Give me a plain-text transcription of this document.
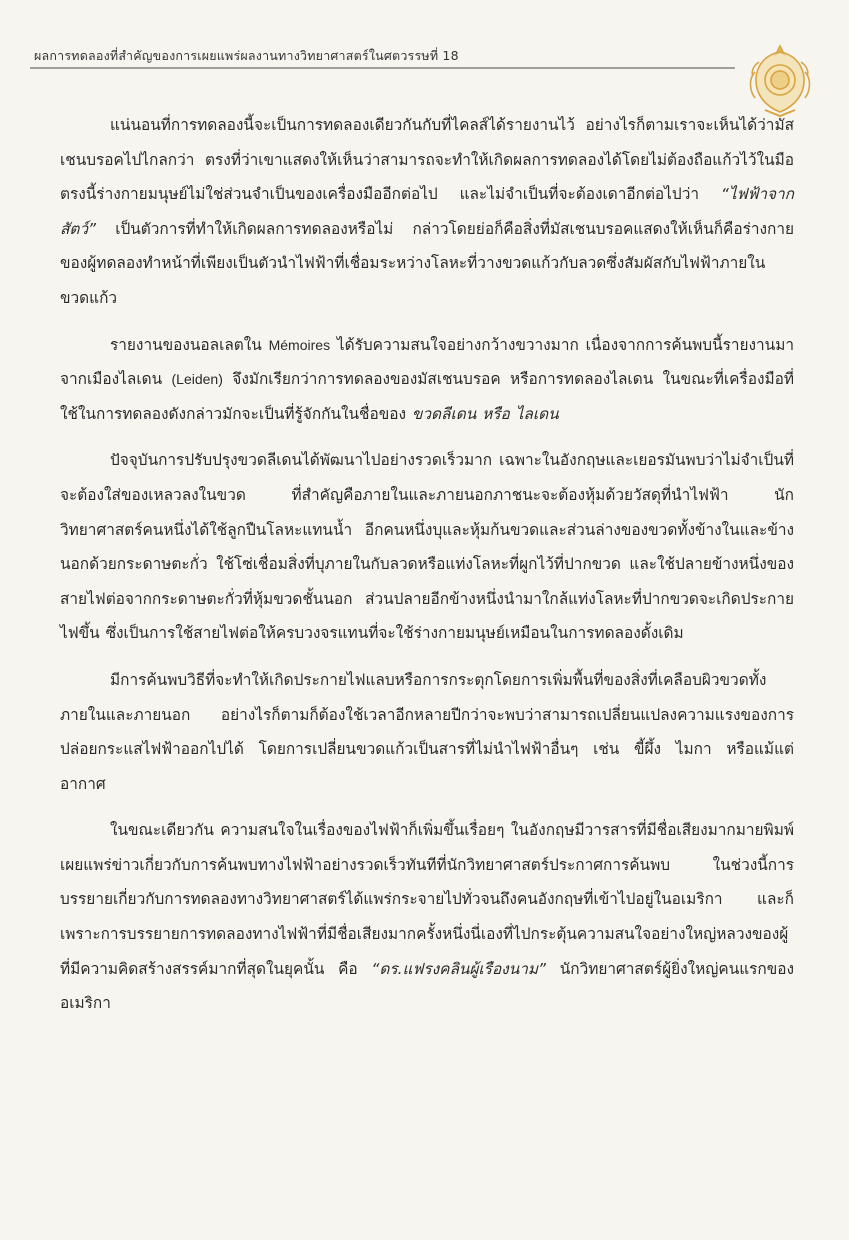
ผลการทดลองที่สำคัญของการเผยแพร่ผลงานทางวิทยาศาสตร์ในศตวรรษที่ 18

แน่นอนที่การทดลองนี้จะเป็นการทดลองเดียวกันกับที่ไคลส์ได้รายงานไว้ อย่างไรก็ตามเราจะเห็นได้ว่ามัสเชนบรอคไปไกลกว่า ตรงที่ว่าเขาแสดงให้เห็นว่าสามารถจะทำให้เกิดผลการทดลองได้โดยไม่ต้องถือแก้วไว้ในมือ ตรงนี้ร่างกายมนุษย์ไม่ใช่ส่วนจำเป็นของเครื่องมืออีกต่อไป และไม่จำเป็นที่จะต้องเดาอีกต่อไปว่า “ไฟฟ้าจากสัตว์” เป็นตัวการที่ทำให้เกิดผลการทดลองหรือไม่ กล่าวโดยย่อก็คือสิ่งที่มัสเชนบรอคแสดงให้เห็นก็คือร่างกายของผู้ทดลองทำหน้าที่เพียงเป็นตัวนำไฟฟ้าที่เชื่อมระหว่างโลหะที่วางขวดแก้วกับลวดซึ่งสัมผัสกับไฟฟ้าภายในขวดแก้ว

รายงานของนอลเลตใน Mémoires ได้รับความสนใจอย่างกว้างขวางมาก เนื่องจากการค้นพบนี้รายงานมาจากเมืองไลเดน (Leiden) จึงมักเรียกว่าการทดลองของมัสเชนบรอค หรือการทดลองไลเดน ในขณะที่เครื่องมือที่ใช้ในการทดลองดังกล่าวมักจะเป็นที่รู้จักกันในชื่อของ ขวดลีเดน หรือ ไลเดน

ปัจจุบันการปรับปรุงขวดลีเดนได้พัฒนาไปอย่างรวดเร็วมาก เฉพาะในอังกฤษและเยอรมันพบว่าไม่จำเป็นที่จะต้องใส่ของเหลวลงในขวด ที่สำคัญคือภายในและภายนอกภาชนะจะต้องหุ้มด้วยวัสดุที่นำไฟฟ้า นักวิทยาศาสตร์คนหนึ่งได้ใช้ลูกปืนโลหะแทนน้ำ อีกคนหนึ่งบุและหุ้มก้นขวดและส่วนล่างของขวดทั้งข้างในและข้างนอกด้วยกระดาษตะกั่ว ใช้โซ่เชื่อมสิ่งที่บุภายในกับลวดหรือแท่งโลหะที่ผูกไว้ที่ปากขวด และใช้ปลายข้างหนึ่งของสายไฟต่อจากกระดาษตะกั่วที่หุ้มขวดชั้นนอก ส่วนปลายอีกข้างหนึ่งนำมาใกล้แท่งโลหะที่ปากขวดจะเกิดประกายไฟขึ้น ซึ่งเป็นการใช้สายไฟต่อให้ครบวงจรแทนที่จะใช้ร่างกายมนุษย์เหมือนในการทดลองดั้งเดิม

มีการค้นพบวิธีที่จะทำให้เกิดประกายไฟแลบหรือการกระตุกโดยการเพิ่มพื้นที่ของสิ่งที่เคลือบผิวขวดทั้งภายในและภายนอก อย่างไรก็ตามก็ต้องใช้เวลาอีกหลายปีกว่าจะพบว่าสามารถเปลี่ยนแปลงความแรงของการปล่อยกระแสไฟฟ้าออกไปได้ โดยการเปลี่ยนขวดแก้วเป็นสารที่ไม่นำไฟฟ้าอื่นๆ เช่น ขี้ผึ้ง ไมกา หรือแม้แต่อากาศ

ในขณะเดียวกัน ความสนใจในเรื่องของไฟฟ้าก็เพิ่มขึ้นเรื่อยๆ ในอังกฤษมีวารสารที่มีชื่อเสียงมากมายพิมพ์เผยแพร่ข่าวเกี่ยวกับการค้นพบทางไฟฟ้าอย่างรวดเร็วทันทีที่นักวิทยาศาสตร์ประกาศการค้นพบ ในช่วงนี้การบรรยายเกี่ยวกับการทดลองทางวิทยาศาสตร์ได้แพร่กระจายไปทั่วจนถึงคนอังกฤษที่เข้าไปอยู่ในอเมริกา และก็เพราะการบรรยายการทดลองทางไฟฟ้าที่มีชื่อเสียงมากครั้งหนึ่งนี่เองที่ไปกระตุ้นความสนใจอย่างใหญ่หลวงของผู้ที่มีความคิดสร้างสรรค์มากที่สุดในยุคนั้น คือ “ดร.แฟรงคลินผู้เรืองนาม” นักวิทยาศาสตร์ผู้ยิ่งใหญ่คนแรกของอเมริกา
